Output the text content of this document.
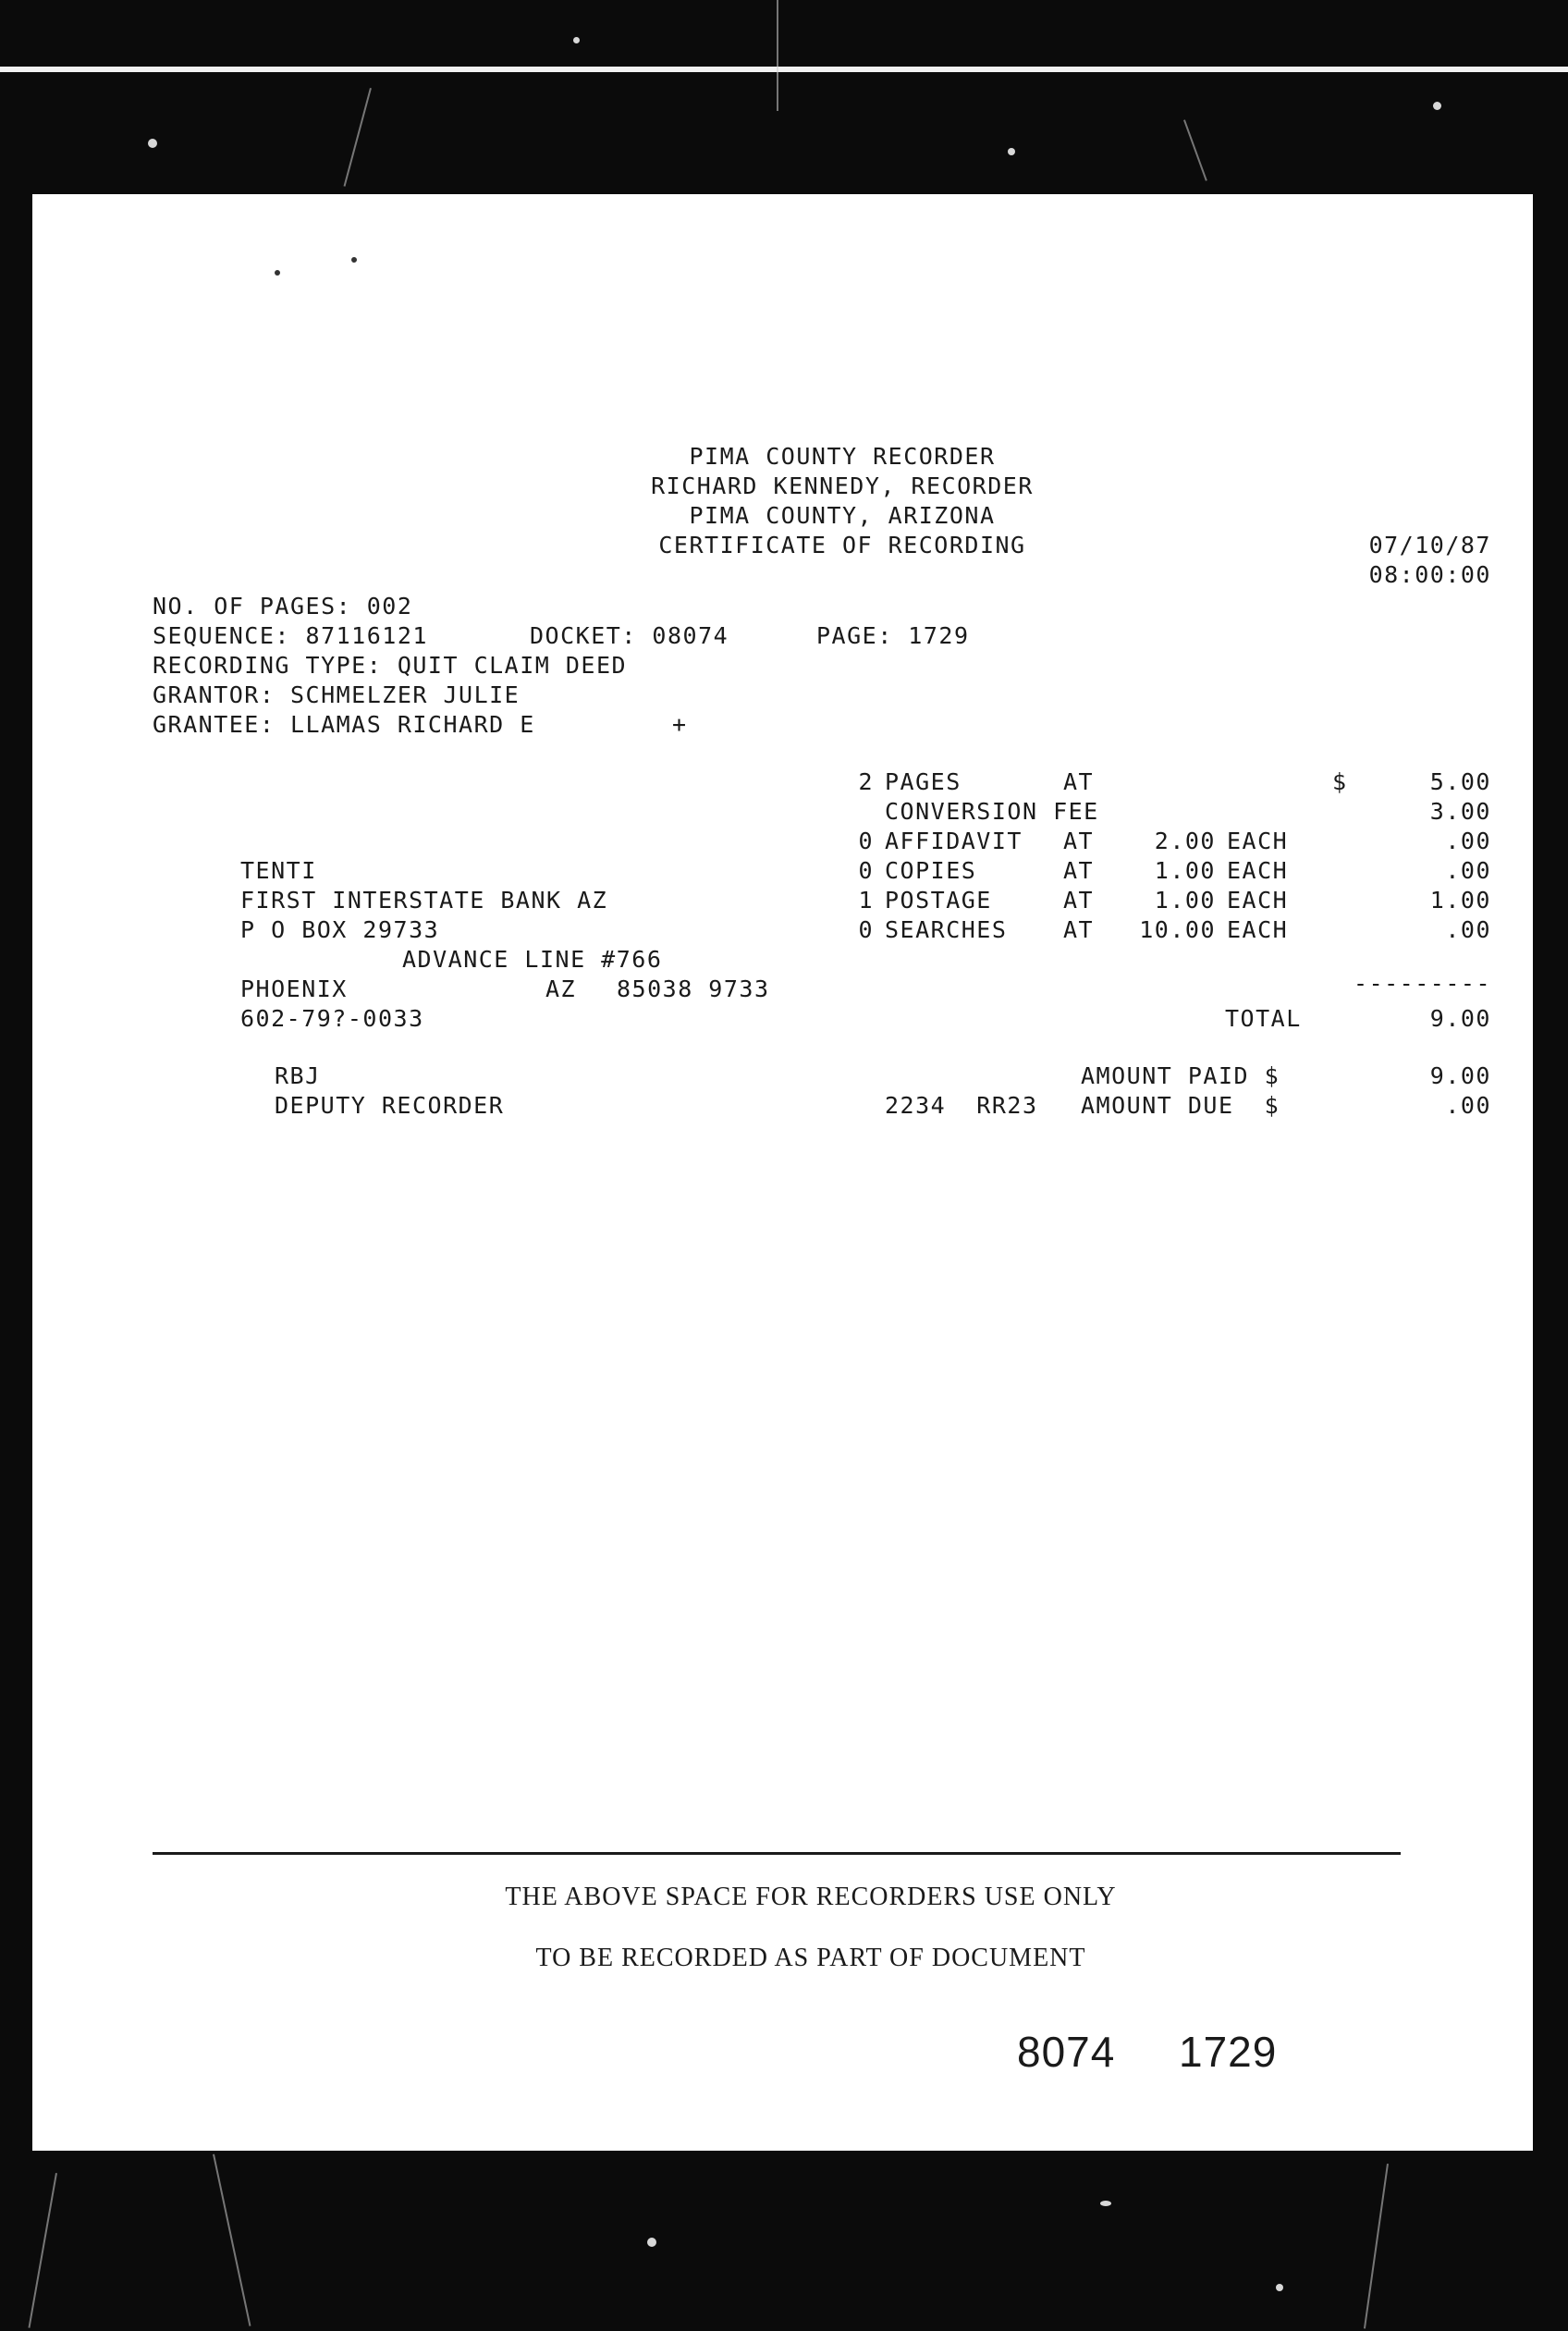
PIMA COUNTY RECORDER
RICHARD KENNEDY, RECORDER
PIMA COUNTY, ARIZONA
CERTIFICATE OF RECORDING	07/10/87
08:00:00
NO. OF PAGES: 002
SEQUENCE: 87116121	DOCKET: 08074	PAGE: 1729
RECORDING TYPE: QUIT CLAIM DEED
GRANTOR: SCHMELZER JULIE
GRANTEE: LLAMAS RICHARD E	+
TENTI
FIRST INTERSTATE BANK AZ
P O BOX 29733
ADVANCE LINE #766
PHOENIX	AZ 85038 9733
602-79?-0033
$
2 PAGES	AT	5.00
CONVERSION FEE	3.00
0 AFFIDAVIT AT	2.00 EACH	.00
0 COPIES	AT	1.00 EACH	.00
1 POSTAGE	AT	1.00 EACH	1.00
0 SEARCHES AT	10.00 EACH	.00
---------
TOTAL	9.00
RBJ
DEPUTY RECORDER	2234  RR23
AMOUNT PAID $	9.00
AMOUNT DUE  $	.00
THE ABOVE SPACE FOR RECORDERS USE ONLY
TO BE RECORDED AS PART OF DOCUMENT
8074 1729
